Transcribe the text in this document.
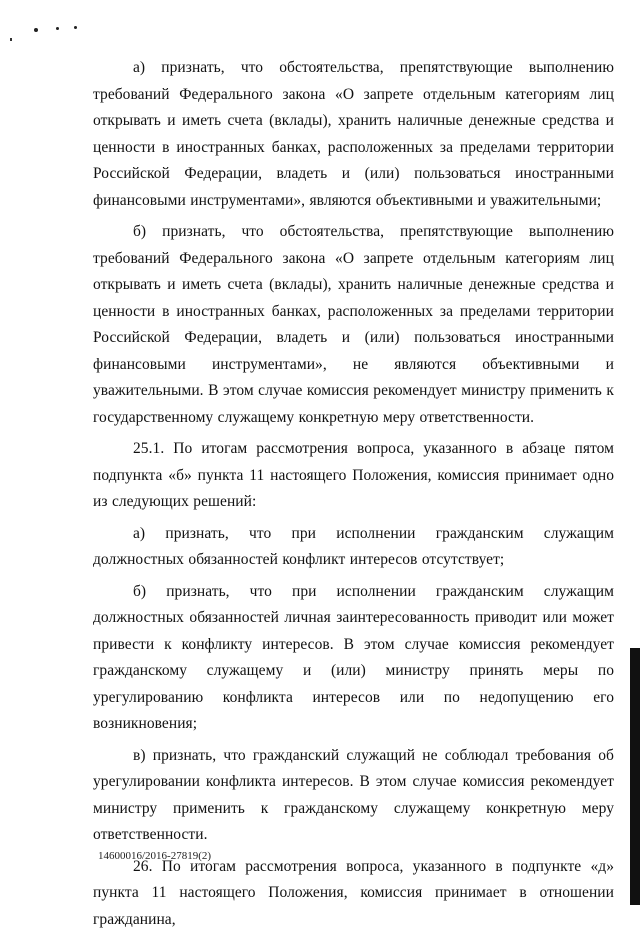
а) признать, что обстоятельства, препятствующие выполнению требований Федерального закона «О запрете отдельным категориям лиц открывать и иметь счета (вклады), хранить наличные денежные средства и ценности в иностранных банках, расположенных за пределами территории Российской Федерации, владеть и (или) пользоваться иностранными финансовыми инструментами», являются объективными и уважительными;

б) признать, что обстоятельства, препятствующие выполнению требований Федерального закона «О запрете отдельным категориям лиц открывать и иметь счета (вклады), хранить наличные денежные средства и ценности в иностранных банках, расположенных за пределами территории Российской Федерации, владеть и (или) пользоваться иностранными финансовыми инструментами», не являются объективными и уважительными. В этом случае комиссия рекомендует министру применить к государственному служащему конкретную меру ответственности.

25.1. По итогам рассмотрения вопроса, указанного в абзаце пятом подпункта «б» пункта 11 настоящего Положения, комиссия принимает одно из следующих решений:

а) признать, что при исполнении гражданским служащим должностных обязанностей конфликт интересов отсутствует;

б) признать, что при исполнении гражданским служащим должностных обязанностей личная заинтересованность приводит или может привести к конфликту интересов. В этом случае комиссия рекомендует гражданскому служащему и (или) министру принять меры по урегулированию конфликта интересов или по недопущению его возникновения;

в) признать, что гражданский служащий не соблюдал требования об урегулировании конфликта интересов. В этом случае комиссия рекомендует министру применить к гражданскому служащему конкретную меру ответственности.

26. По итогам рассмотрения вопроса, указанного в подпункте «д» пункта 11 настоящего Положения, комиссия принимает в отношении гражданина,

14600016/2016-27819(2)
